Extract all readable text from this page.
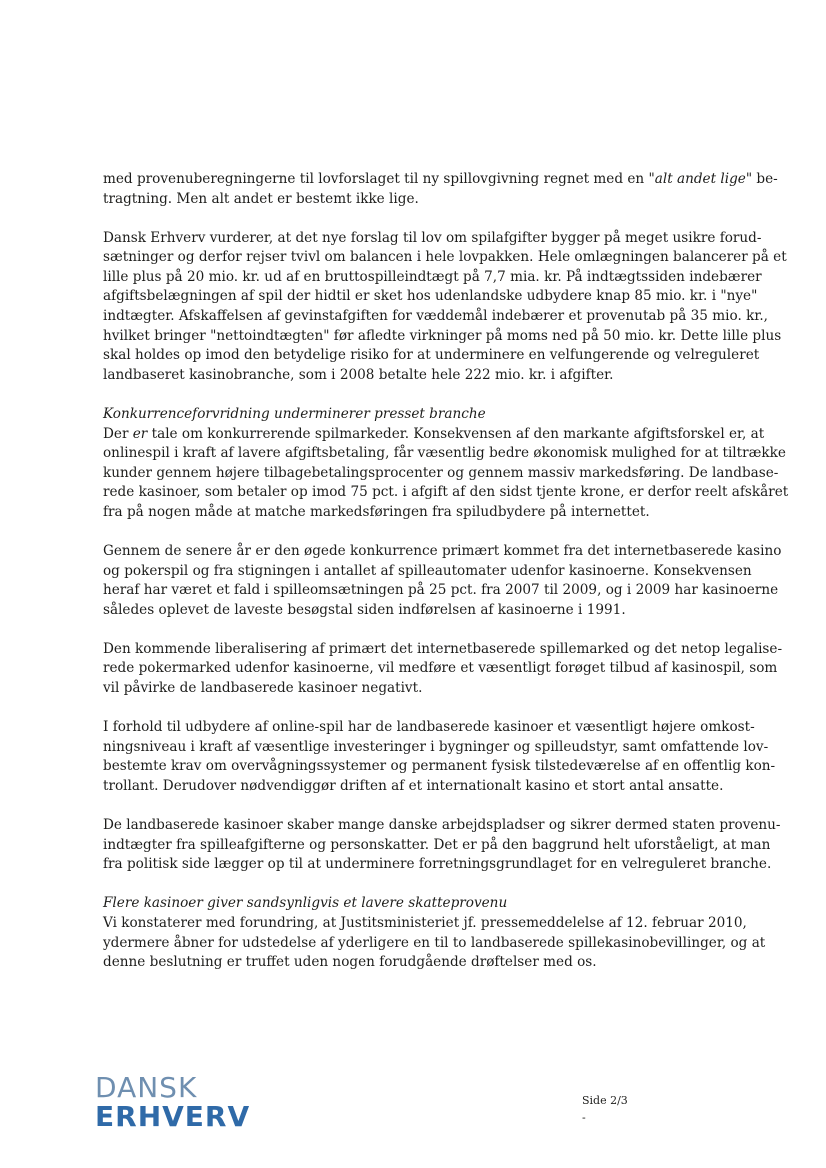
med provenuberegningerne til lovforslaget til ny spillovgivning regnet med en "alt andet lige" be-
tragtning. Men alt andet er bestemt ikke lige.

Dansk Erhverv vurderer, at det nye forslag til lov om spilafgifter bygger på meget usikre forud-
sætninger og derfor rejser tvivl om balancen i hele lovpakken. Hele omlægningen balancerer på et
lille plus på 20 mio. kr. ud af en bruttospilleindtægt på 7,7 mia. kr. På indtægtssiden indebærer
afgiftsbelægningen af spil der hidtil er sket hos udenlandske udbydere knap 85 mio. kr. i "nye"
indtægter. Afskaffelsen af gevinstafgiften for væddemål indebærer et provenutab på 35 mio. kr.,
hvilket bringer "nettoindtægten" før afledte virkninger på moms ned på 50 mio. kr. Dette lille plus
skal holdes op imod den betydelige risiko for at underminere en velfungerende og velreguleret
landbaseret kasinobranche, som i 2008 betalte hele 222 mio. kr. i afgifter.

Konkurrenceforvridning underminerer presset branche

Der er tale om konkurrerende spilmarkeder. Konsekvensen af den markante afgiftsforskel er, at
onlinespil i kraft af lavere afgiftsbetaling, får væsentlig bedre økonomisk mulighed for at tiltrække
kunder gennem højere tilbagebetalingsprocenter og gennem massiv markedsføring. De landbase-
rede kasinoer, som betaler op imod 75 pct. i afgift af den sidst tjente krone, er derfor reelt afskåret
fra på nogen måde at matche markedsføringen fra spiludbydere på internettet.

Gennem de senere år er den øgede konkurrence primært kommet fra det internetbaserede kasino
og pokerspil og fra stigningen i antallet af spilleautomater udenfor kasinoerne. Konsekvensen
heraf har været et fald i spilleomsætningen på 25 pct. fra 2007 til 2009, og i 2009 har kasinoerne
således oplevet de laveste besøgstal siden indførelsen af kasinoerne i 1991.

Den kommende liberalisering af primært det internetbaserede spillemarked og det netop legalise-
rede pokermarked udenfor kasinoerne, vil medføre et væsentligt forøget tilbud af kasinospil, som
vil påvirke de landbaserede kasinoer negativt.

I forhold til udbydere af online-spil har de landbaserede kasinoer et væsentligt højere omkost-
ningsniveau i kraft af væsentlige investeringer i bygninger og spilleudstyr, samt omfattende lov-
bestemte krav om overvågningssystemer og permanent fysisk tilstedeværelse af en offentlig kon-
trollant. Derudover nødvendiggør driften af et internationalt kasino et stort antal ansatte.

De landbaserede kasinoer skaber mange danske arbejdspladser og sikrer dermed staten provenu-
indtægter fra spilleafgifterne og personskatter. Det er på den baggrund helt uforståeligt, at man
fra politisk side lægger op til at underminere forretningsgrundlaget for en velreguleret branche.

Flere kasinoer giver sandsynligvis et lavere skatteprovenu

Vi konstaterer med forundring, at Justitsministeriet jf. pressemeddelelse af 12. februar 2010,
ydermere åbner for udstedelse af yderligere en til to landbaserede spillekasinobevillinger, og at
denne beslutning er truffet uden nogen forudgående drøftelser med os.

DANSK
ERHVERV	Side 2/3
-
